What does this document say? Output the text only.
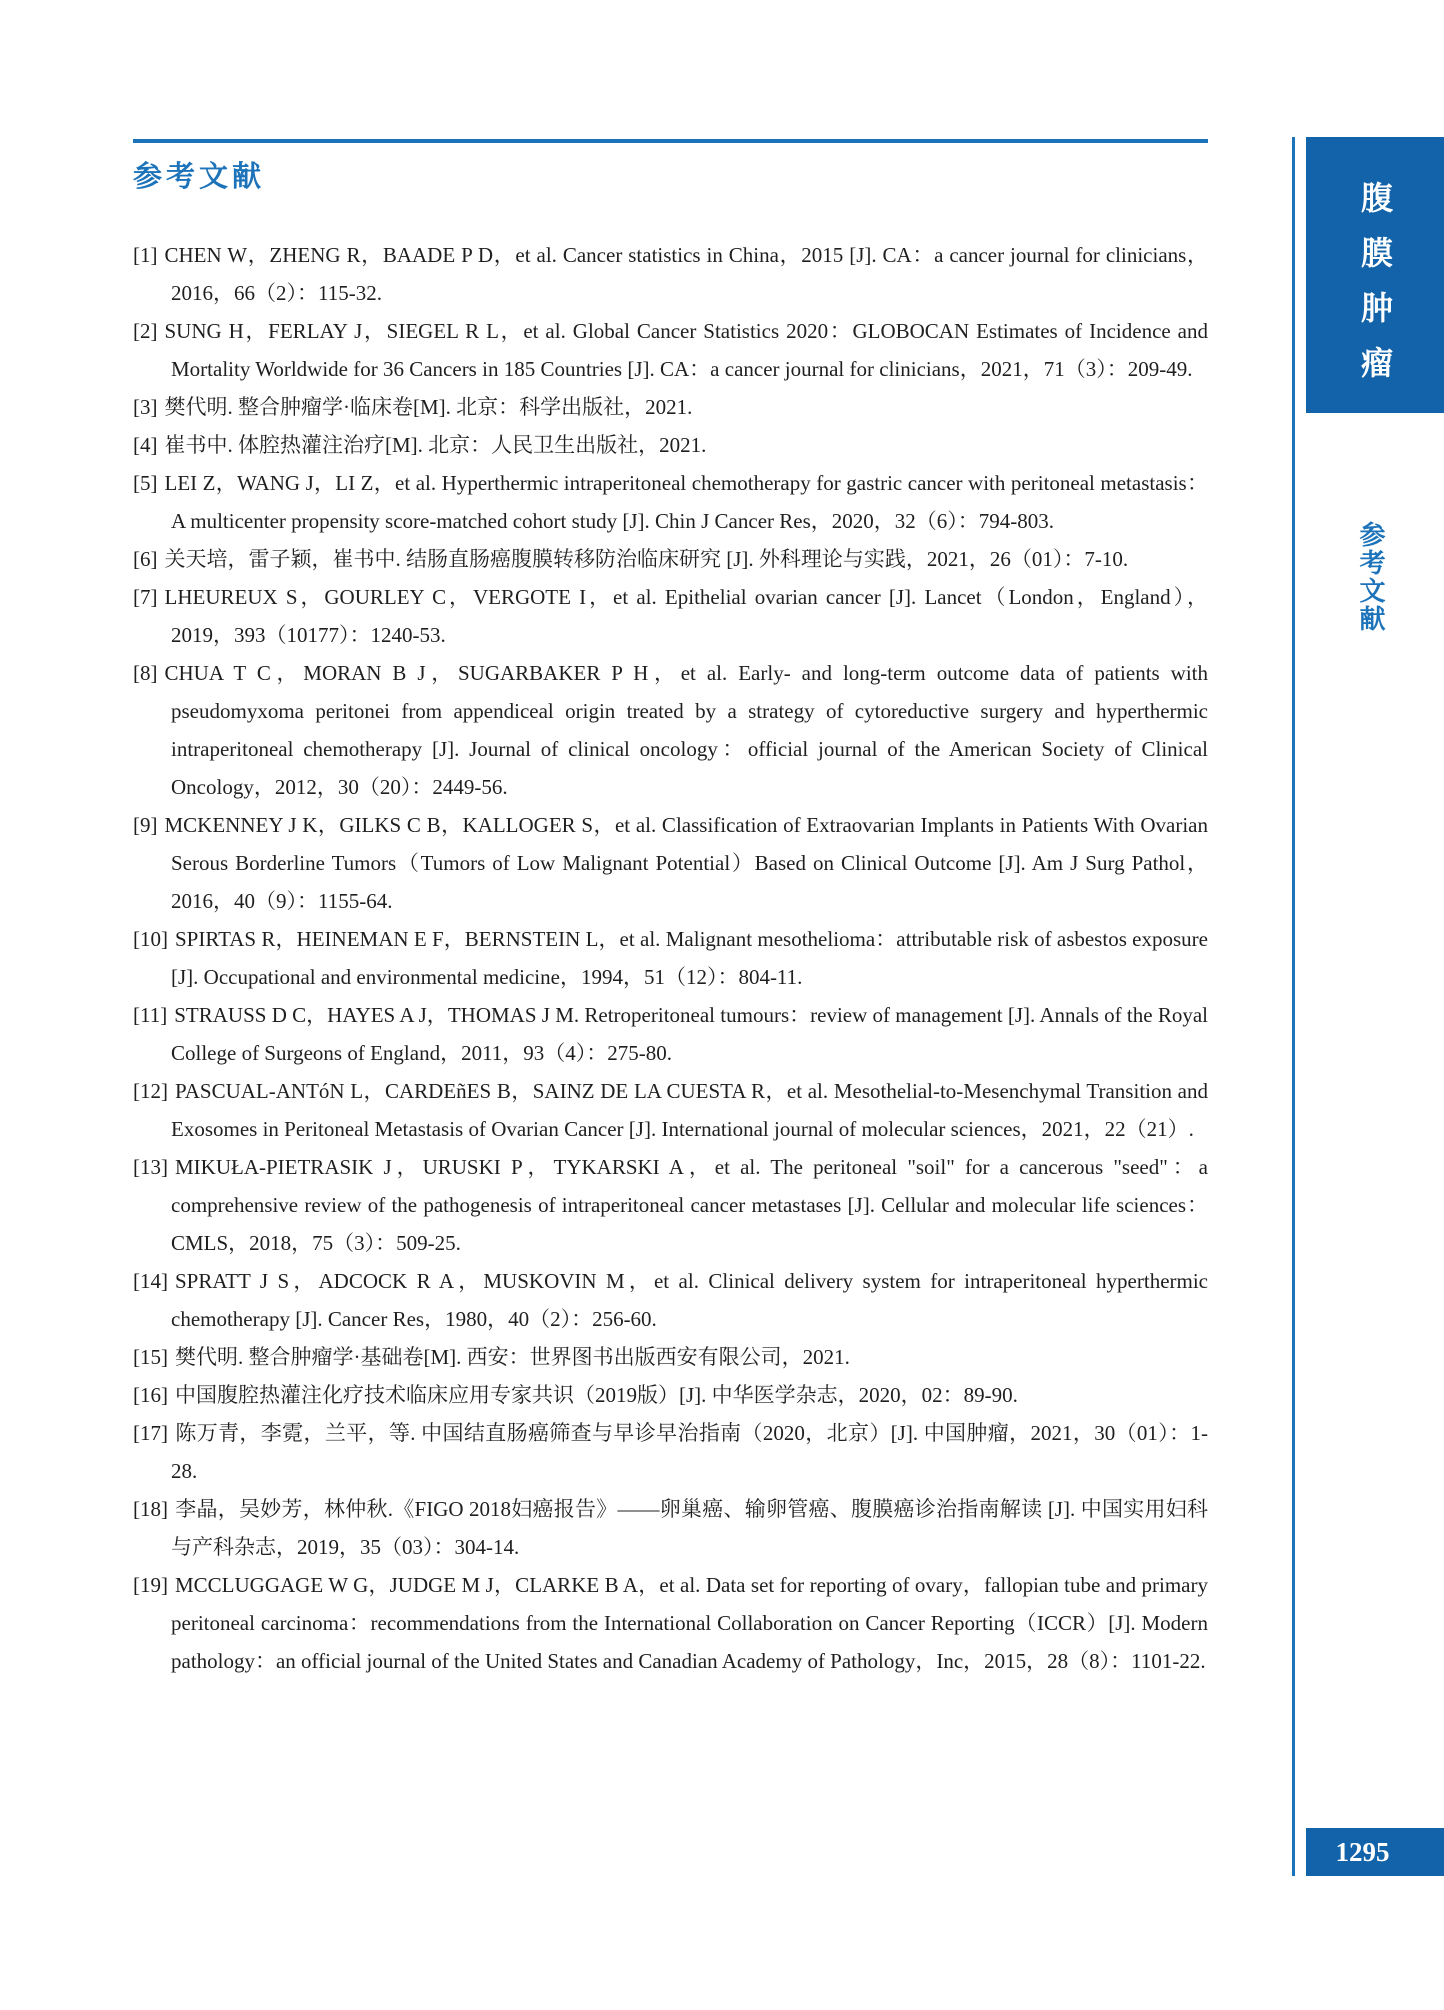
参考文献
[1] CHEN W，ZHENG R，BAADE P D，et al. Cancer statistics in China，2015 [J]. CA：a cancer journal for clinicians，2016，66（2）：115-32.
[2] SUNG H，FERLAY J，SIEGEL R L，et al. Global Cancer Statistics 2020：GLOBOCAN Estimates of Incidence and Mortality Worldwide for 36 Cancers in 185 Countries [J]. CA：a cancer journal for clinicians，2021，71（3）：209-49.
[3] 樊代明. 整合肿瘤学·临床卷[M]. 北京：科学出版社，2021.
[4] 崔书中. 体腔热灌注治疗[M]. 北京：人民卫生出版社，2021.
[5] LEI Z，WANG J，LI Z，et al. Hyperthermic intraperitoneal chemotherapy for gastric cancer with peritoneal metastasis：A multicenter propensity score-matched cohort study [J]. Chin J Cancer Res，2020，32（6）：794-803.
[6] 关天培，雷子颖，崔书中. 结肠直肠癌腹膜转移防治临床研究 [J]. 外科理论与实践，2021，26（01）：7-10.
[7] LHEUREUX S，GOURLEY C，VERGOTE I，et al. Epithelial ovarian cancer [J]. Lancet（London，England），2019，393（10177）：1240-53.
[8] CHUA T C，MORAN B J，SUGARBAKER P H，et al. Early- and long-term outcome data of patients with pseudomyxoma peritonei from appendiceal origin treated by a strategy of cytoreductive surgery and hyperthermic intraperitoneal chemotherapy [J]. Journal of clinical oncology：official journal of the American Society of Clinical Oncology，2012，30（20）：2449-56.
[9] MCKENNEY J K，GILKS C B，KALLOGER S，et al. Classification of Extraovarian Implants in Patients With Ovarian Serous Borderline Tumors（Tumors of Low Malignant Potential）Based on Clinical Outcome [J]. Am J Surg Pathol，2016，40（9）：1155-64.
[10] SPIRTAS R，HEINEMAN E F，BERNSTEIN L，et al. Malignant mesothelioma：attributable risk of asbestos exposure [J]. Occupational and environmental medicine，1994，51（12）：804-11.
[11] STRAUSS D C，HAYES A J，THOMAS J M. Retroperitoneal tumours：review of management [J]. Annals of the Royal College of Surgeons of England，2011，93（4）：275-80.
[12] PASCUAL-ANTóN L，CARDEñES B，SAINZ DE LA CUESTA R，et al. Mesothelial-to-Mesenchymal Transition and Exosomes in Peritoneal Metastasis of Ovarian Cancer [J]. International journal of molecular sciences，2021，22（21）.
[13] MIKUŁA-PIETRASIK J，URUSKI P，TYKARSKI A，et al. The peritoneal "soil" for a cancerous "seed"：a comprehensive review of the pathogenesis of intraperitoneal cancer metastases [J]. Cellular and molecular life sciences：CMLS，2018，75（3）：509-25.
[14] SPRATT J S，ADCOCK R A，MUSKOVIN M，et al. Clinical delivery system for intraperitoneal hyperthermic chemotherapy [J]. Cancer Res，1980，40（2）：256-60.
[15] 樊代明. 整合肿瘤学·基础卷[M]. 西安：世界图书出版西安有限公司，2021.
[16] 中国腹腔热灌注化疗技术临床应用专家共识（2019版）[J]. 中华医学杂志，2020，02：89-90.
[17] 陈万青，李霓，兰平，等. 中国结直肠癌筛查与早诊早治指南（2020，北京）[J]. 中国肿瘤，2021，30（01）：1-28.
[18] 李晶，吴妙芳，林仲秋.《FIGO 2018妇癌报告》——卵巢癌、输卵管癌、腹膜癌诊治指南解读 [J]. 中国实用妇科与产科杂志，2019，35（03）：304-14.
[19] MCCLUGGAGE W G，JUDGE M J，CLARKE B A，et al. Data set for reporting of ovary，fallopian tube and primary peritoneal carcinoma：recommendations from the International Collaboration on Cancer Reporting（ICCR）[J]. Modern pathology：an official journal of the United States and Canadian Academy of Pathology，Inc，2015，28（8）：1101-22.
腹膜肿瘤
参考文献
1295
